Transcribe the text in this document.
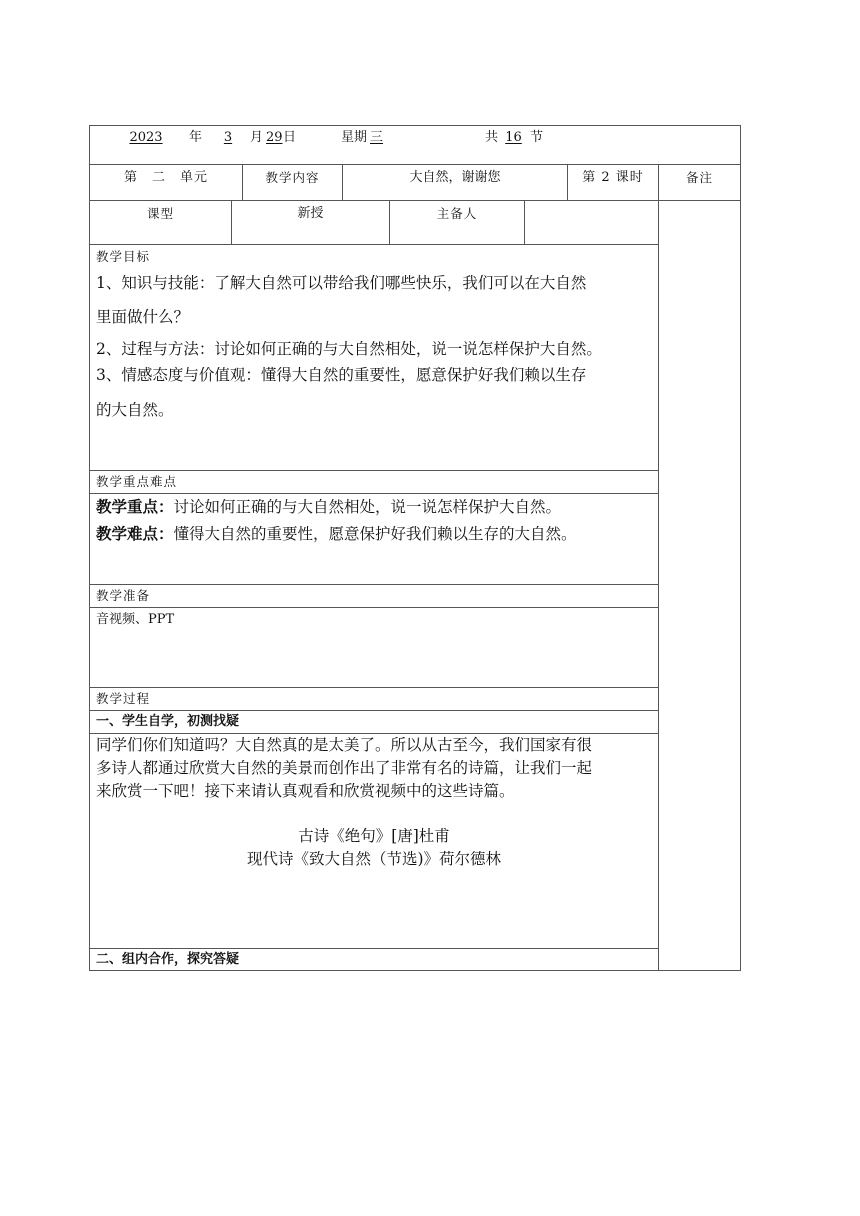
2023	年	3	月 29 日	星期 三	共 16 节
第　二　单元	教学内容	大自然，谢谢您	第 2 课时	备注
课型	新授	主备人
教学目标
1、知识与技能：了解大自然可以带给我们哪些快乐，我们可以在大自然
里面做什么？
2、过程与方法：讨论如何正确的与大自然相处，说一说怎样保护大自然。
3、情感态度与价值观：懂得大自然的重要性，愿意保护好我们赖以生存
的大自然。
教学重点难点
教学重点：讨论如何正确的与大自然相处，说一说怎样保护大自然。
教学难点：懂得大自然的重要性，愿意保护好我们赖以生存的大自然。
教学准备
音视频、PPT
教学过程
一、学生自学，初测找疑
同学们你们知道吗？大自然真的是太美了。所以从古至今，我们国家有很
多诗人都通过欣赏大自然的美景而创作出了非常有名的诗篇，让我们一起
来欣赏一下吧！接下来请认真观看和欣赏视频中的这些诗篇。
古诗《绝句》[唐]杜甫
现代诗《致大自然（节选)》荷尔德林
二、组内合作，探究答疑
